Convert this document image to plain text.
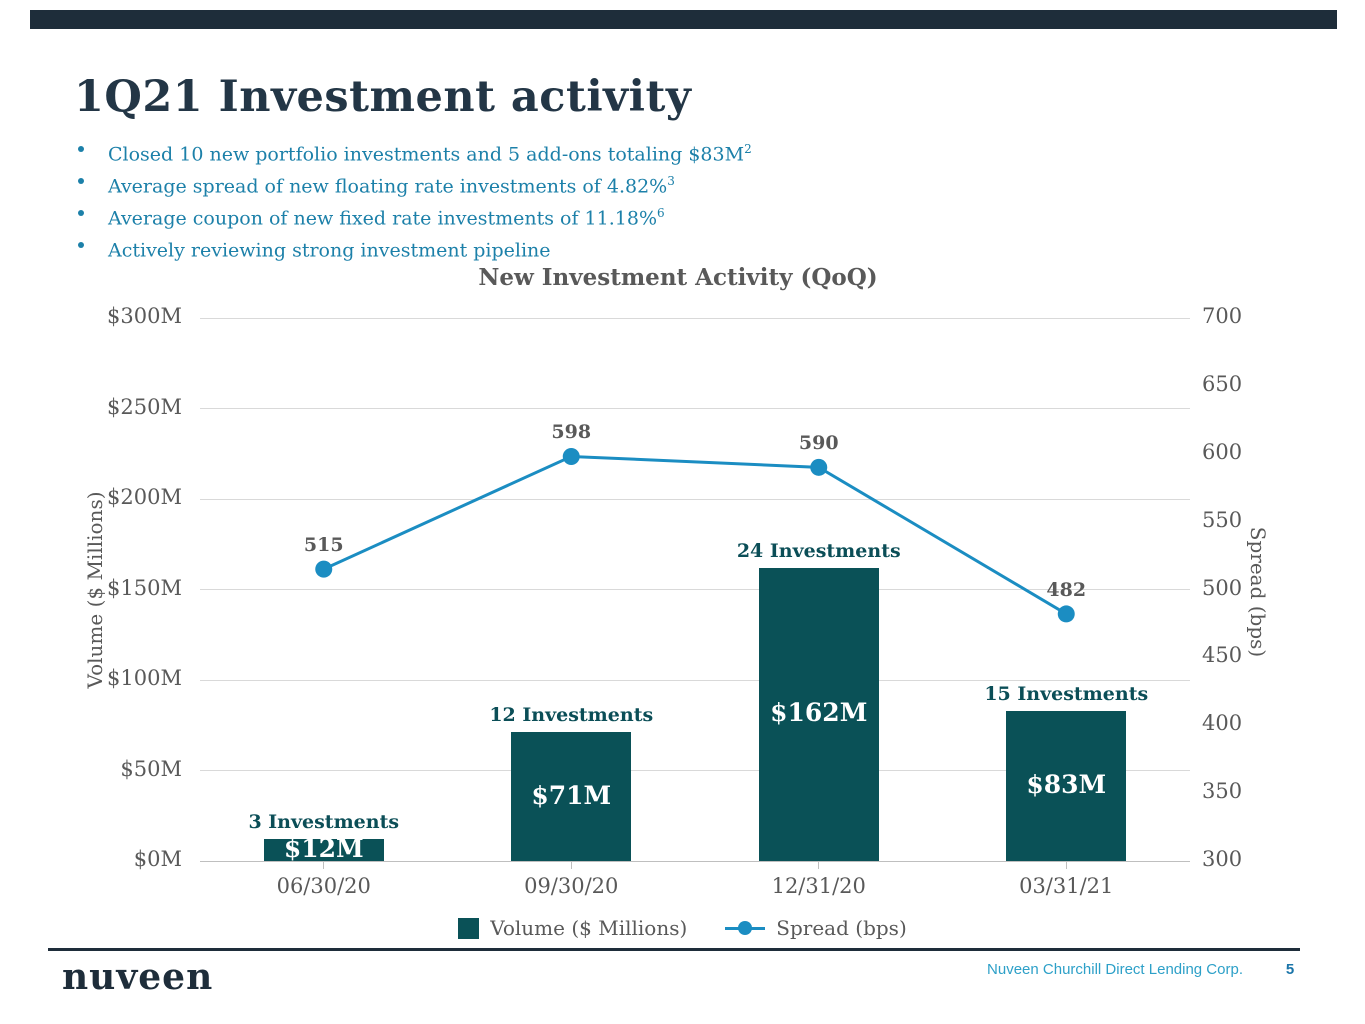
1Q21 Investment activity
Closed 10 new portfolio investments and 5 add-ons totaling $\$83M^2$
Average spread of new floating rate investments of 4.82%$^3$
Average coupon of new fixed rate investments of 11.18%$^6$
Actively reviewing strong investment pipeline
New Investment Activity (QoQ)
$0M
$50M
$100M
$150M
$200M
$250M
$300M
300
350
400
450
500
550
600
650
700
3 Investments
$12M
06/30/20
12 Investments
$71M
09/30/20
24 Investments
$162M
12/31/20
15 Investments
$83M
03/31/21
515
598	590
482
Volume ($ Millions)	Spread (bps)
Volume ($ Millions)	Spread (bps)
nuveen	Nuveen Churchill Direct Lending Corp.	5
